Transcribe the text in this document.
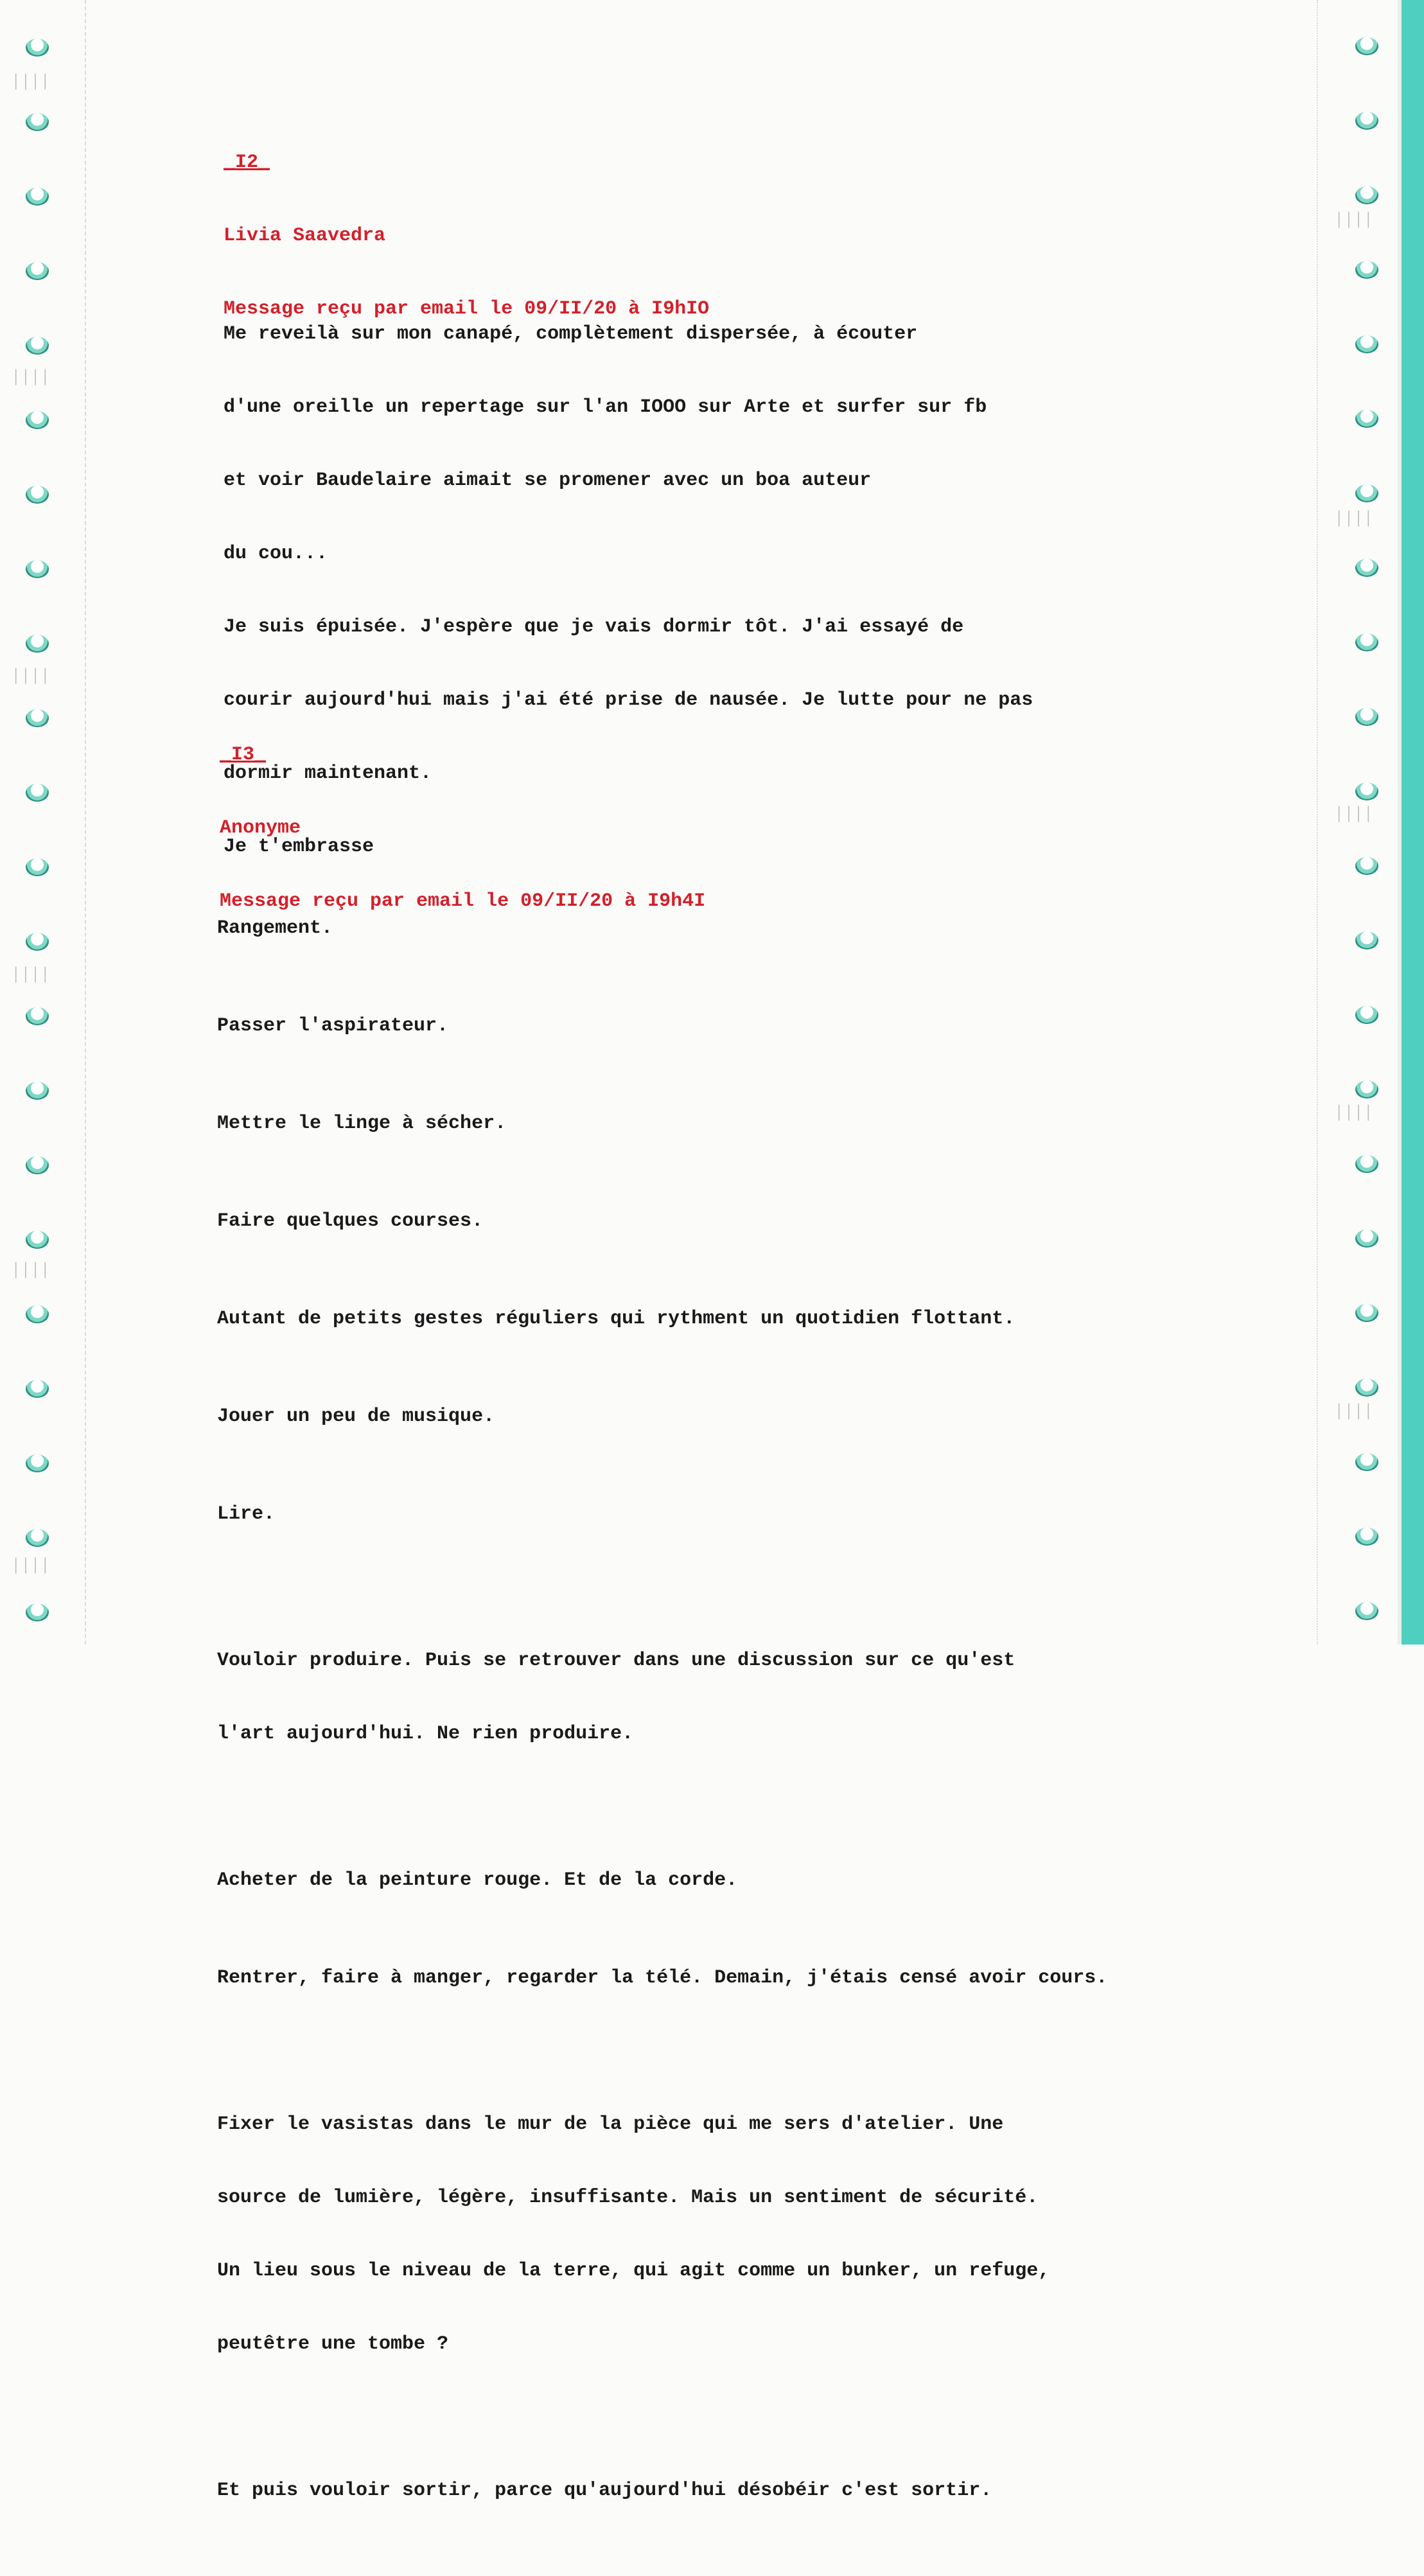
││││
││││
││││
││││
││││
││││
││││
││││
││││
││││
││││

_I2_

Livia Saavedra

Message reçu par email le 09/II/20 à I9hIO

Me reveilà sur mon canapé, complètement dispersée, à écouter

d'une oreille un repertage sur l'an IOOO sur Arte et surfer sur fb

et voir Baudelaire aimait se promener avec un boa auteur

du cou...

Je suis épuisée. J'espère que je vais dormir tôt. J'ai essayé de

courir aujourd'hui mais j'ai été prise de nausée. Je lutte pour ne pas

dormir maintenant.

Je t'embrasse

_I3_

Anonyme

Message reçu par email le 09/II/20 à I9h4I

Rangement.

Passer l'aspirateur.

Mettre le linge à sécher.

Faire quelques courses.

Autant de petits gestes réguliers qui rythment un quotidien flottant.

Jouer un peu de musique.

Lire.

Vouloir produire. Puis se retrouver dans une discussion sur ce qu'est

l'art aujourd'hui. Ne rien produire.

Acheter de la peinture rouge. Et de la corde.

Rentrer, faire à manger, regarder la télé. Demain, j'étais censé avoir cours.

Fixer le vasistas dans le mur de la pièce qui me sers d'atelier. Une

source de lumière, légère, insuffisante. Mais un sentiment de sécurité.

Un lieu sous le niveau de la terre, qui agit comme un bunker, un refuge,

peutêtre une tombe ?

Et puis vouloir sortir, parce qu'aujourd'hui désobéir c'est sortir.
